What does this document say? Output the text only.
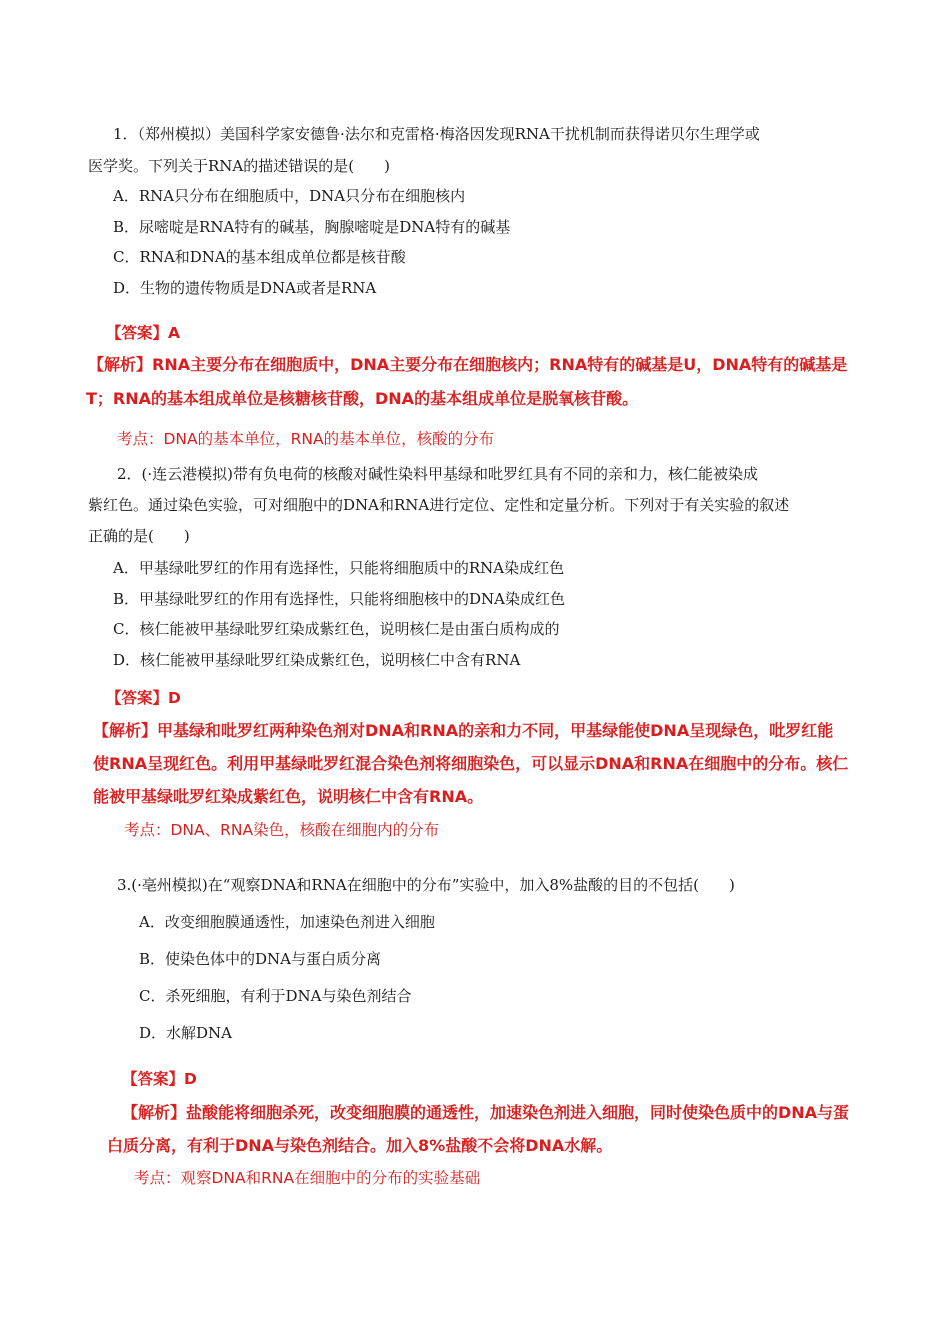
1．（郑州模拟）美国科学家安德鲁·法尔和克雷格·梅洛因发现RNA干扰机制而获得诺贝尔生理学或
医学奖。下列关于RNA的描述错误的是(　　)
A．RNA只分布在细胞质中，DNA只分布在细胞核内
B．尿嘧啶是RNA特有的碱基，胸腺嘧啶是DNA特有的碱基
C．RNA和DNA的基本组成单位都是核苷酸
D．生物的遗传物质是DNA或者是RNA
【答案】A
【解析】RNA主要分布在细胞质中，DNA主要分布在细胞核内；RNA特有的碱基是U，DNA特有的碱基是
T；RNA的基本组成单位是核糖核苷酸，DNA的基本组成单位是脱氧核苷酸。
考点：DNA的基本单位，RNA的基本单位，核酸的分布
2．(·连云港模拟)带有负电荷的核酸对碱性染料甲基绿和吡罗红具有不同的亲和力，核仁能被染成
紫红色。通过染色实验，可对细胞中的DNA和RNA进行定位、定性和定量分析。下列对于有关实验的叙述
正确的是(　　)
A．甲基绿吡罗红的作用有选择性，只能将细胞质中的RNA染成红色
B．甲基绿吡罗红的作用有选择性，只能将细胞核中的DNA染成红色
C．核仁能被甲基绿吡罗红染成紫红色，说明核仁是由蛋白质构成的
D．核仁能被甲基绿吡罗红染成紫红色，说明核仁中含有RNA
【答案】D
【解析】甲基绿和吡罗红两种染色剂对DNA和RNA的亲和力不同，甲基绿能使DNA呈现绿色，吡罗红能
使RNA呈现红色。利用甲基绿吡罗红混合染色剂将细胞染色，可以显示DNA和RNA在细胞中的分布。核仁
能被甲基绿吡罗红染成紫红色，说明核仁中含有RNA。
考点：DNA、RNA染色，核酸在细胞内的分布
3.(·亳州模拟)在“观察DNA和RNA在细胞中的分布”实验中，加入8%盐酸的目的不包括(　　)
A．改变细胞膜通透性，加速染色剂进入细胞
B．使染色体中的DNA与蛋白质分离
C．杀死细胞，有利于DNA与染色剂结合
D．水解DNA
【答案】D
【解析】盐酸能将细胞杀死，改变细胞膜的通透性，加速染色剂进入细胞，同时使染色质中的DNA与蛋
白质分离，有利于DNA与染色剂结合。加入8%盐酸不会将DNA水解。
考点：观察DNA和RNA在细胞中的分布的实验基础
